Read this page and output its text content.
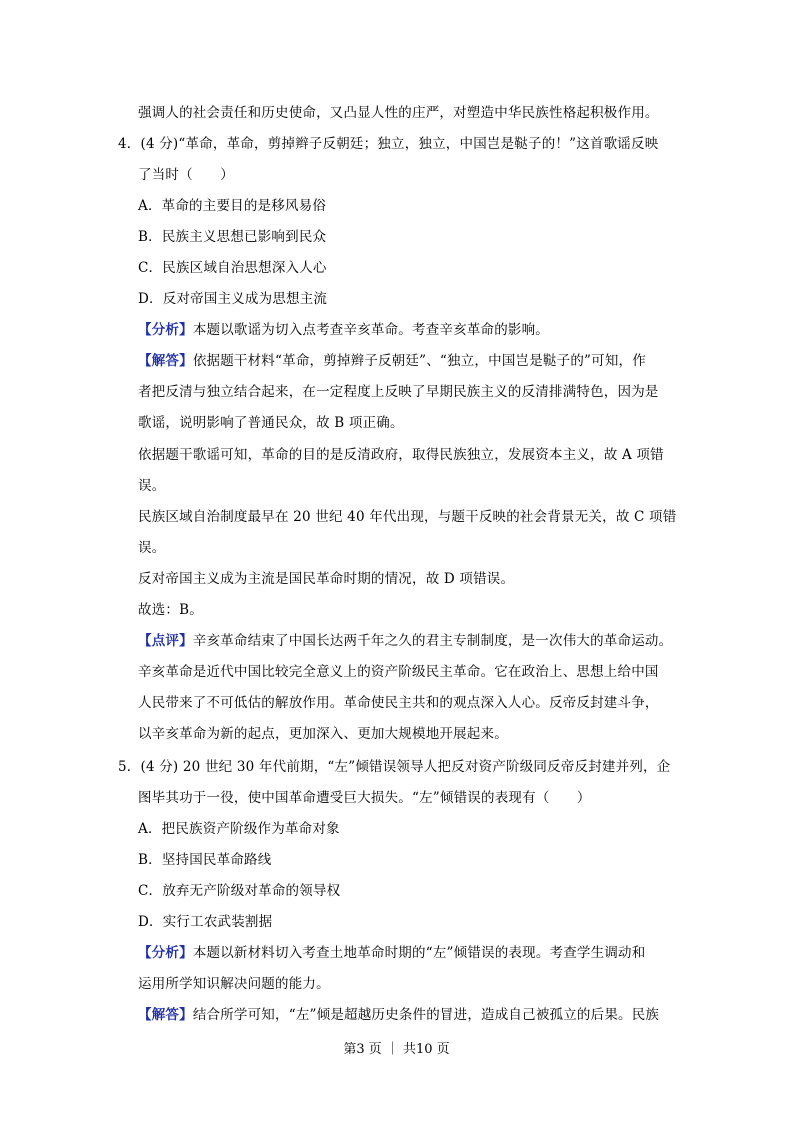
强调人的社会责任和历史使命，又凸显人性的庄严，对塑造中华民族性格起积极作用。
4．(4 分)“革命，革命，剪掉辫子反朝廷；独立，独立，中国岂是鞑子的！”这首歌谣反映
了当时（　　）
A．革命的主要目的是移风易俗
B．民族主义思想已影响到民众
C．民族区域自治思想深入人心
D．反对帝国主义成为思想主流
【分析】本题以歌谣为切入点考查辛亥革命。考查辛亥革命的影响。
【解答】依据题干材料“革命，剪掉辫子反朝廷”、“独立，中国岂是鞑子的”可知，作
者把反清与独立结合起来，在一定程度上反映了早期民族主义的反清排满特色，因为是
歌谣，说明影响了普通民众，故 B 项正确。
依据题干歌谣可知，革命的目的是反清政府，取得民族独立，发展资本主义，故 A 项错
误。
民族区域自治制度最早在 20 世纪 40 年代出现，与题干反映的社会背景无关，故 C 项错
误。
反对帝国主义成为主流是国民革命时期的情况，故 D 项错误。
故选：B。
【点评】辛亥革命结束了中国长达两千年之久的君主专制制度，是一次伟大的革命运动。
辛亥革命是近代中国比较完全意义上的资产阶级民主革命。它在政治上、思想上给中国
人民带来了不可低估的解放作用。革命使民主共和的观点深入人心。反帝反封建斗争，
以辛亥革命为新的起点，更加深入、更加大规模地开展起来。
5．(4 分) 20 世纪 30 年代前期，“左”倾错误领导人把反对资产阶级同反帝反封建并列，企
图毕其功于一役，使中国革命遭受巨大损失。“左”倾错误的表现有（　　）
A．把民族资产阶级作为革命对象
B．坚持国民革命路线
C．放弃无产阶级对革命的领导权
D．实行工农武装割据
【分析】本题以新材料切入考查土地革命时期的“左”倾错误的表现。考查学生调动和
运用所学知识解决问题的能力。
【解答】结合所学可知，“左”倾是超越历史条件的冒进，造成自己被孤立的后果。民族
第3 页 ｜ 共10 页
